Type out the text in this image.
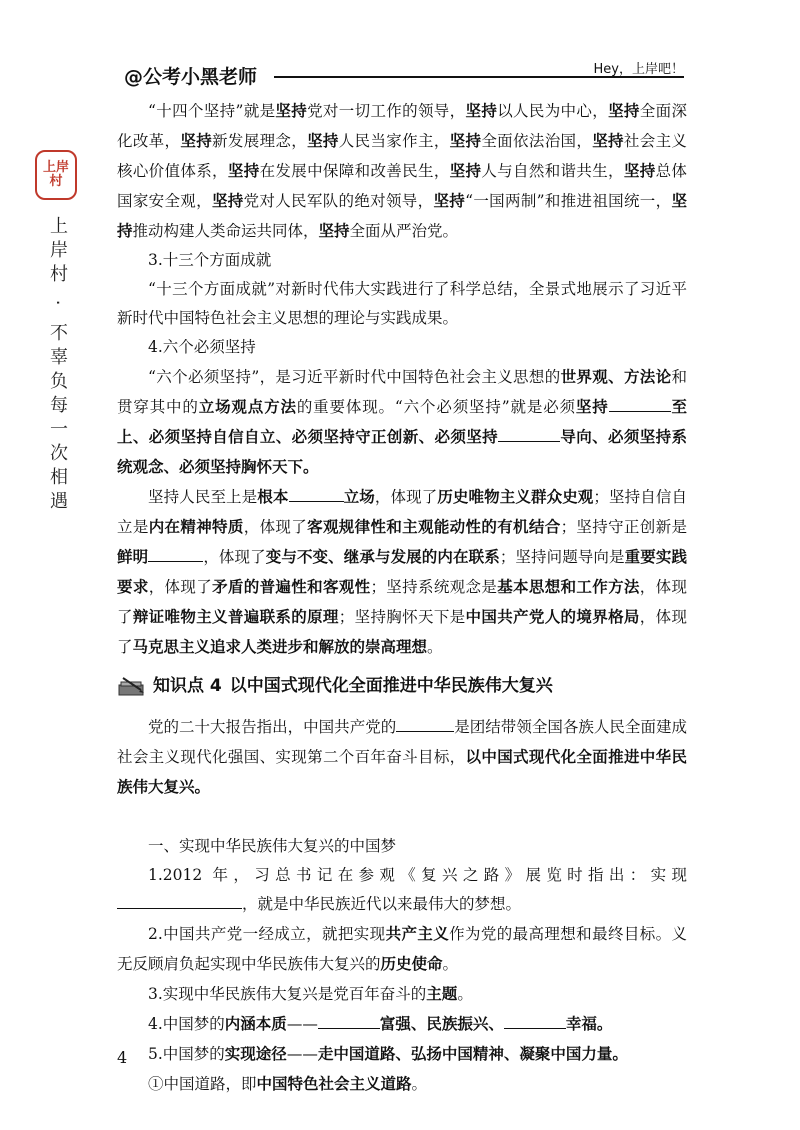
@公考小黑老师	Hey，上岸吧！
上岸村
上岸村 · 不辜负每一次相遇

“十四个坚持”就是坚持党对一切工作的领导，坚持以人民为中心，坚持全面深化改革，坚持新发展理念，坚持人民当家作主，坚持全面依法治国，坚持社会主义核心价值体系，坚持在发展中保障和改善民生，坚持人与自然和谐共生，坚持总体国家安全观，坚持党对人民军队的绝对领导，坚持“一国两制”和推进祖国统一，坚持推动构建人类命运共同体，坚持全面从严治党。

3.十三个方面成就

“十三个方面成就”对新时代伟大实践进行了科学总结，全景式地展示了习近平新时代中国特色社会主义思想的理论与实践成果。

4.六个必须坚持

“六个必须坚持”，是习近平新时代中国特色社会主义思想的世界观、方法论和贯穿其中的立场观点方法的重要体现。“六个必须坚持”就是必须坚持	至上、必须坚持自信自立、必须坚持守正创新、必须坚持	导向、必须坚持系统观念、必须坚持胸怀天下。

坚持人民至上是根本	立场，体现了历史唯物主义群众史观；坚持自信自立是内在精神特质，体现了客观规律性和主观能动性的有机结合；坚持守正创新是鲜明	，体现了变与不变、继承与发展的内在联系；坚持问题导向是重要实践要求，体现了矛盾的普遍性和客观性；坚持系统观念是基本思想和工作方法，体现了辩证唯物主义普遍联系的原理；坚持胸怀天下是中国共产党人的境界格局，体现了马克思主义追求人类进步和解放的崇高理想。

知识点 4 以中国式现代化全面推进中华民族伟大复兴

党的二十大报告指出，中国共产党的	是团结带领全国各族人民全面建成社会主义现代化强国、实现第二个百年奋斗目标，以中国式现代化全面推进中华民族伟大复兴。

一、实现中华民族伟大复兴的中国梦

1.2012 年，习总书记在参观《复兴之路》展览时指出：实现，就是中华民族近代以来最伟大的梦想。

2.中国共产党一经成立，就把实现共产主义作为党的最高理想和最终目标。义无反顾肩负起实现中华民族伟大复兴的历史使命。

3.实现中华民族伟大复兴是党百年奋斗的主题。

4.中国梦的内涵本质——	富强、民族振兴、	幸福。

5.中国梦的实现途径——走中国道路、弘扬中国精神、凝聚中国力量。

①中国道路，即中国特色社会主义道路。

4
